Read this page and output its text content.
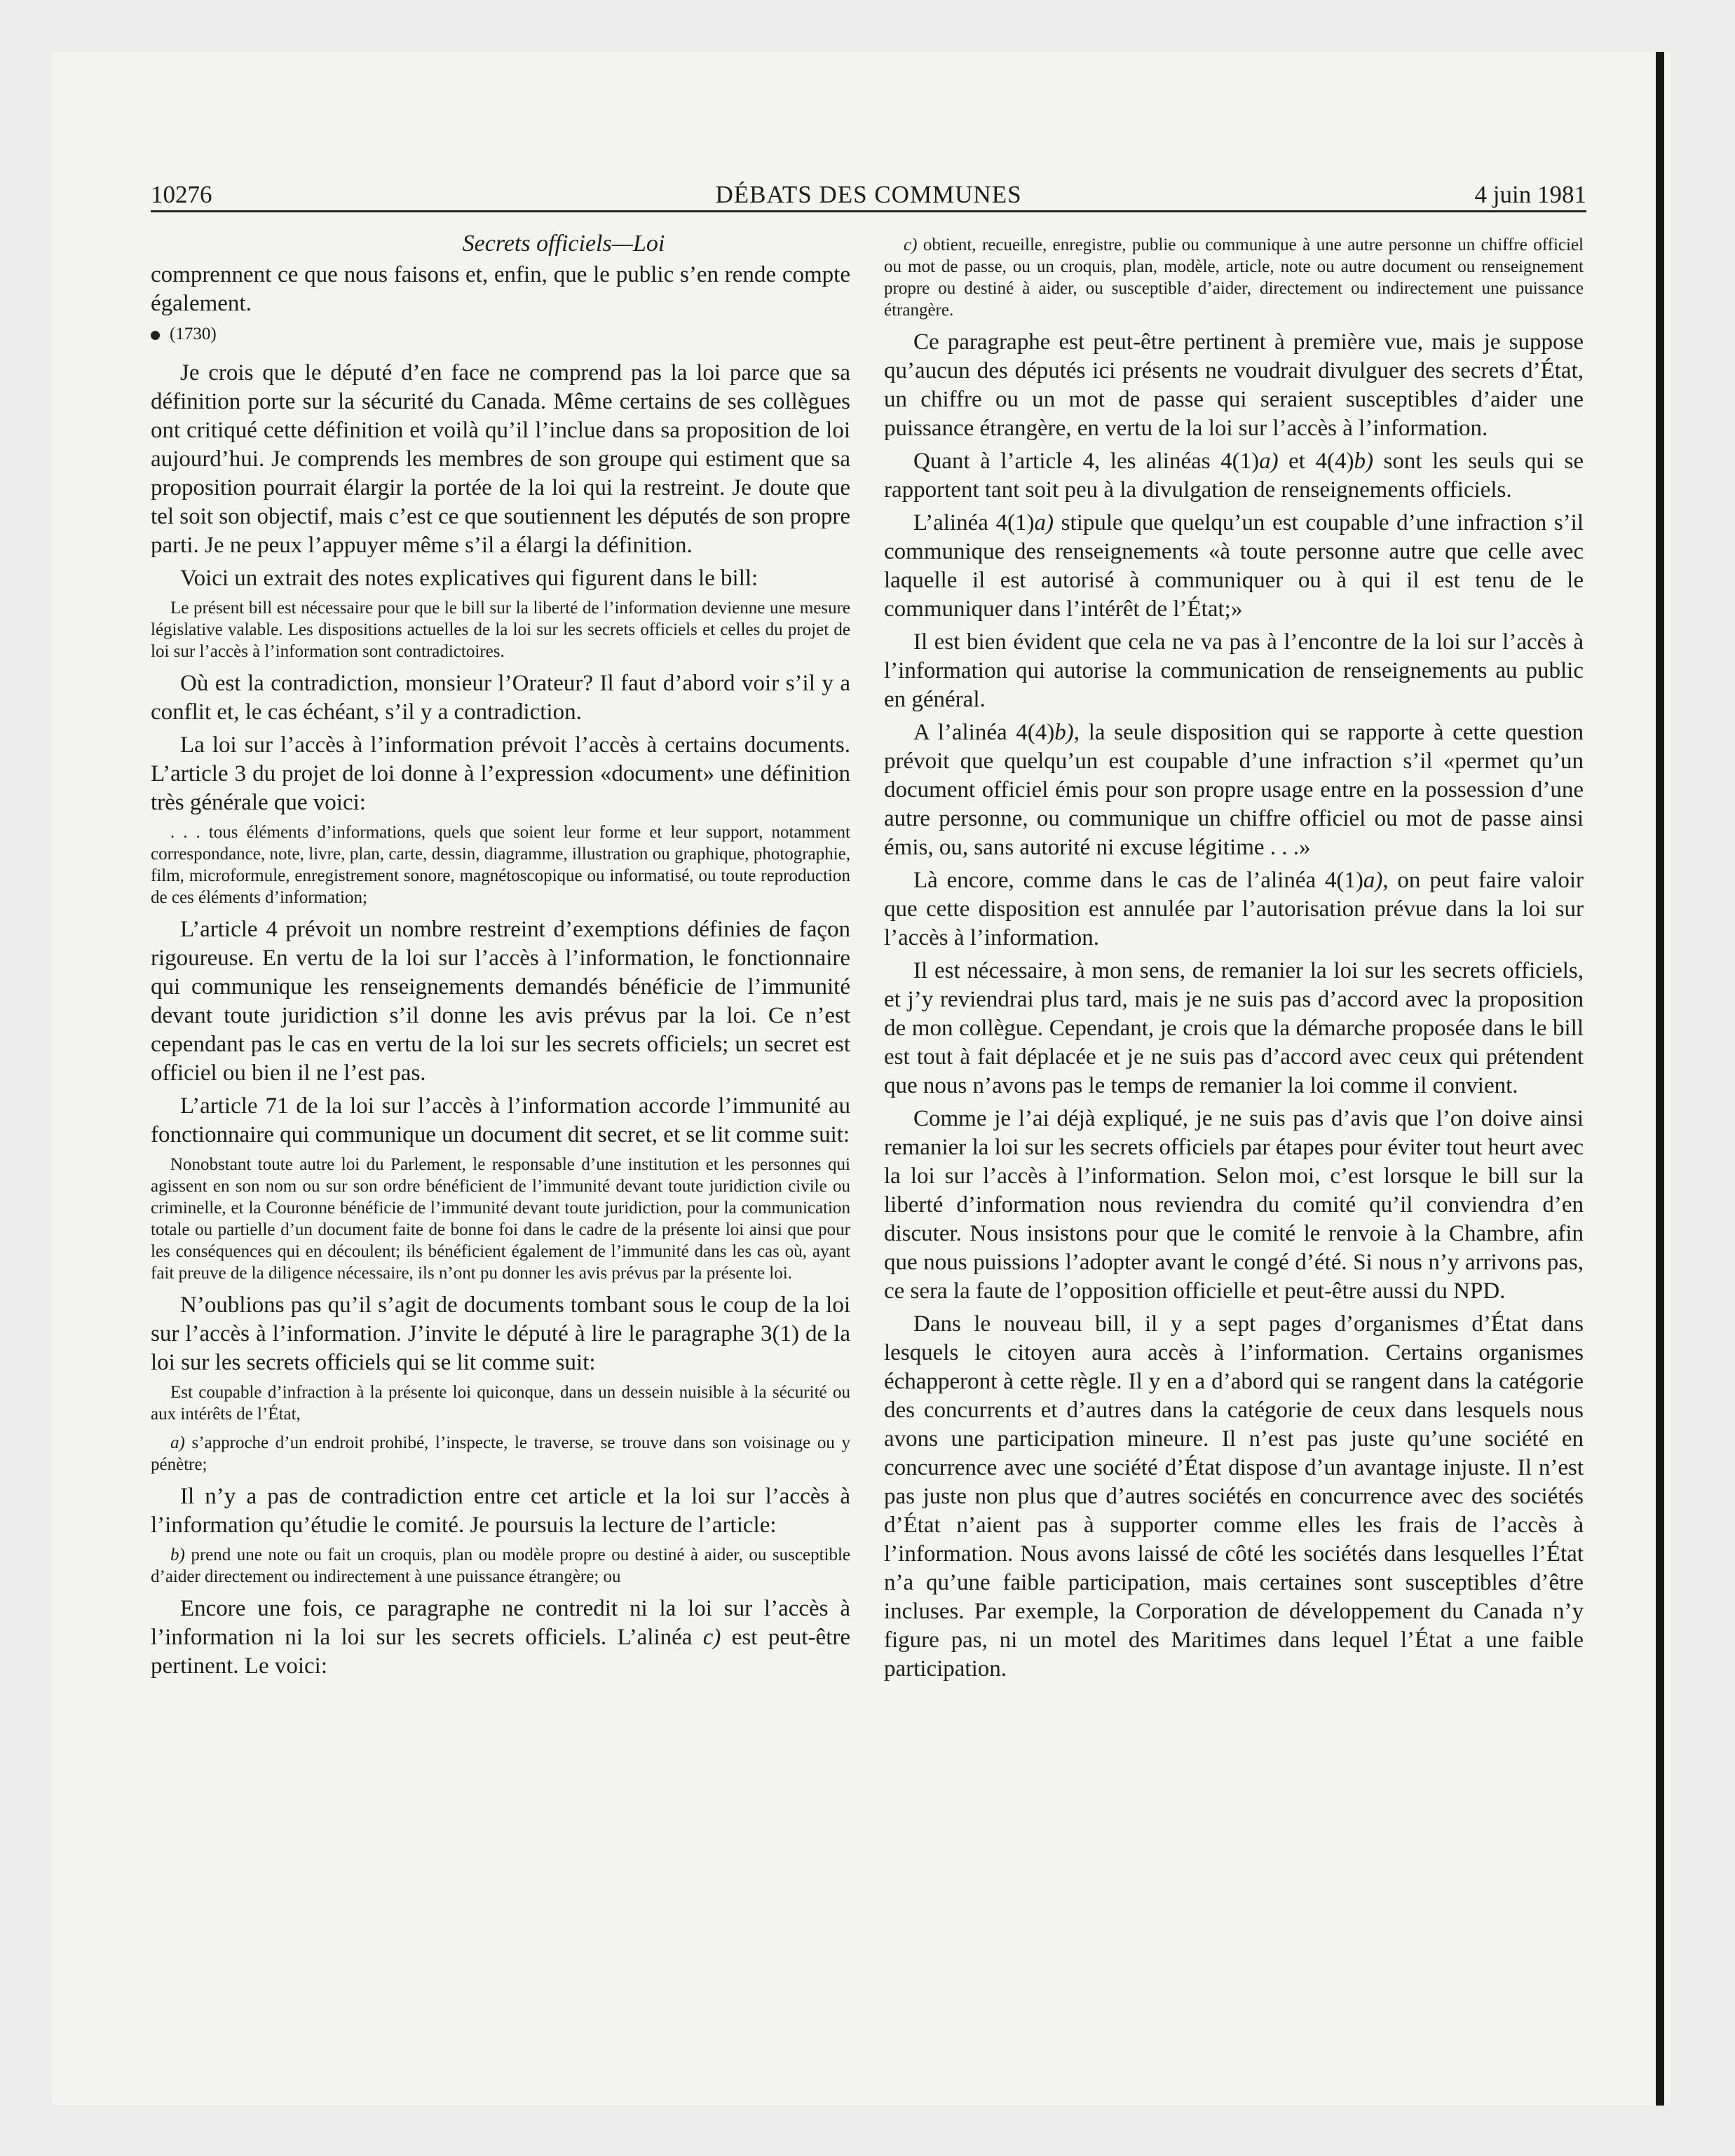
10276	DÉBATS DES COMMUNES	4 juin 1981
Secrets officiels—Loi

comprennent ce que nous faisons et, enfin, que le public s’en rende compte également.

(1730)

Je crois que le député d’en face ne comprend pas la loi parce que sa définition porte sur la sécurité du Canada. Même certains de ses collègues ont critiqué cette définition et voilà qu’il l’inclue dans sa proposition de loi aujourd’hui. Je comprends les membres de son groupe qui estiment que sa proposition pourrait élargir la portée de la loi qui la restreint. Je doute que tel soit son objectif, mais c’est ce que soutiennent les députés de son propre parti. Je ne peux l’appuyer même s’il a élargi la définition.

Voici un extrait des notes explicatives qui figurent dans le bill:

Le présent bill est nécessaire pour que le bill sur la liberté de l’information devienne une mesure législative valable. Les dispositions actuelles de la loi sur les secrets officiels et celles du projet de loi sur l’accès à l’information sont contradictoires.

Où est la contradiction, monsieur l’Orateur? Il faut d’abord voir s’il y a conflit et, le cas échéant, s’il y a contradiction.

La loi sur l’accès à l’information prévoit l’accès à certains documents. L’article 3 du projet de loi donne à l’expression «document» une définition très générale que voici:

. . . tous éléments d’informations, quels que soient leur forme et leur support, notamment correspondance, note, livre, plan, carte, dessin, diagramme, illustration ou graphique, photographie, film, microformule, enregistrement sonore, magnétoscopique ou informatisé, ou toute reproduction de ces éléments d’information;

L’article 4 prévoit un nombre restreint d’exemptions définies de façon rigoureuse. En vertu de la loi sur l’accès à l’information, le fonctionnaire qui communique les renseignements demandés bénéficie de l’immunité devant toute juridiction s’il donne les avis prévus par la loi. Ce n’est cependant pas le cas en vertu de la loi sur les secrets officiels; un secret est officiel ou bien il ne l’est pas.

L’article 71 de la loi sur l’accès à l’information accorde l’immunité au fonctionnaire qui communique un document dit secret, et se lit comme suit:

Nonobstant toute autre loi du Parlement, le responsable d’une institution et les personnes qui agissent en son nom ou sur son ordre bénéficient de l’immunité devant toute juridiction civile ou criminelle, et la Couronne bénéficie de l’immunité devant toute juridiction, pour la communication totale ou partielle d’un document faite de bonne foi dans le cadre de la présente loi ainsi que pour les conséquences qui en découlent; ils bénéficient également de l’immunité dans les cas où, ayant fait preuve de la diligence nécessaire, ils n’ont pu donner les avis prévus par la présente loi.

N’oublions pas qu’il s’agit de documents tombant sous le coup de la loi sur l’accès à l’information. J’invite le député à lire le paragraphe 3(1) de la loi sur les secrets officiels qui se lit comme suit:

Est coupable d’infraction à la présente loi quiconque, dans un dessein nuisible à la sécurité ou aux intérêts de l’État,

a) s’approche d’un endroit prohibé, l’inspecte, le traverse, se trouve dans son voisinage ou y pénètre;

Il n’y a pas de contradiction entre cet article et la loi sur l’accès à l’information qu’étudie le comité. Je poursuis la lecture de l’article:

b) prend une note ou fait un croquis, plan ou modèle propre ou destiné à aider, ou susceptible d’aider directement ou indirectement à une puissance étrangère; ou

Encore une fois, ce paragraphe ne contredit ni la loi sur l’accès à l’information ni la loi sur les secrets officiels. L’alinéa c) est peut-être pertinent. Le voici:

c) obtient, recueille, enregistre, publie ou communique à une autre personne un chiffre officiel ou mot de passe, ou un croquis, plan, modèle, article, note ou autre document ou renseignement propre ou destiné à aider, ou susceptible d’aider, directement ou indirectement une puissance étrangère.

Ce paragraphe est peut-être pertinent à première vue, mais je suppose qu’aucun des députés ici présents ne voudrait divulguer des secrets d’État, un chiffre ou un mot de passe qui seraient susceptibles d’aider une puissance étrangère, en vertu de la loi sur l’accès à l’information.

Quant à l’article 4, les alinéas 4(1)a) et 4(4)b) sont les seuls qui se rapportent tant soit peu à la divulgation de renseignements officiels.

L’alinéa 4(1)a) stipule que quelqu’un est coupable d’une infraction s’il communique des renseignements «à toute personne autre que celle avec laquelle il est autorisé à communiquer ou à qui il est tenu de le communiquer dans l’intérêt de l’État;»

Il est bien évident que cela ne va pas à l’encontre de la loi sur l’accès à l’information qui autorise la communication de renseignements au public en général.

A l’alinéa 4(4)b), la seule disposition qui se rapporte à cette question prévoit que quelqu’un est coupable d’une infraction s’il «permet qu’un document officiel émis pour son propre usage entre en la possession d’une autre personne, ou communique un chiffre officiel ou mot de passe ainsi émis, ou, sans autorité ni excuse légitime . . .»

Là encore, comme dans le cas de l’alinéa 4(1)a), on peut faire valoir que cette disposition est annulée par l’autorisation prévue dans la loi sur l’accès à l’information.

Il est nécessaire, à mon sens, de remanier la loi sur les secrets officiels, et j’y reviendrai plus tard, mais je ne suis pas d’accord avec la proposition de mon collègue. Cependant, je crois que la démarche proposée dans le bill est tout à fait déplacée et je ne suis pas d’accord avec ceux qui prétendent que nous n’avons pas le temps de remanier la loi comme il convient.

Comme je l’ai déjà expliqué, je ne suis pas d’avis que l’on doive ainsi remanier la loi sur les secrets officiels par étapes pour éviter tout heurt avec la loi sur l’accès à l’information. Selon moi, c’est lorsque le bill sur la liberté d’information nous reviendra du comité qu’il conviendra d’en discuter. Nous insistons pour que le comité le renvoie à la Chambre, afin que nous puissions l’adopter avant le congé d’été. Si nous n’y arrivons pas, ce sera la faute de l’opposition officielle et peut-être aussi du NPD.

Dans le nouveau bill, il y a sept pages d’organismes d’État dans lesquels le citoyen aura accès à l’information. Certains organismes échapperont à cette règle. Il y en a d’abord qui se rangent dans la catégorie des concurrents et d’autres dans la catégorie de ceux dans lesquels nous avons une participation mineure. Il n’est pas juste qu’une société en concurrence avec une société d’État dispose d’un avantage injuste. Il n’est pas juste non plus que d’autres sociétés en concurrence avec des sociétés d’État n’aient pas à supporter comme elles les frais de l’accès à l’information. Nous avons laissé de côté les sociétés dans lesquelles l’État n’a qu’une faible participation, mais certaines sont susceptibles d’être incluses. Par exemple, la Corporation de développement du Canada n’y figure pas, ni un motel des Maritimes dans lequel l’État a une faible participation.
